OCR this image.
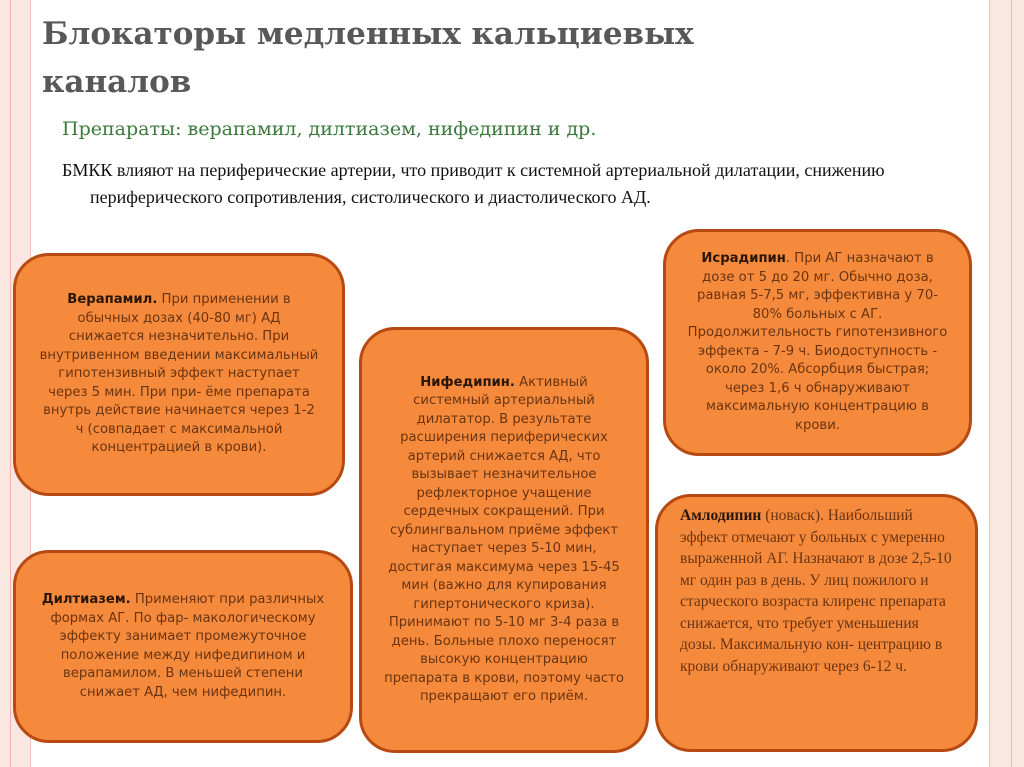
Блокаторы медленных кальциевых каналов
Препараты: верапамил, дилтиазем, нифедипин и др.
БМКК влияют на периферические артерии, что приводит к системной артериальной дилатации, снижению периферического сопротивления, систолического и диастолического АД.
Верапамил. При применении в обычных дозах (40-80 мг) АД снижается незначительно. При внутривенном введении максимальный гипотензивный эффект наступает через 5 мин. При при- ёме препарата внутрь действие начинается через 1-2 ч (совпадает с максимальной концентрацией в крови).
Дилтиазем. Применяют при различных формах АГ. По фар- макологическому эффекту занимает промежуточное положение между нифедипином и верапамилом. В меньшей степени снижает АД, чем нифедипин.
Нифедипин. Активный системный артериальный дилататор. В результате расширения периферических артерий снижается АД, что вызывает незначительное рефлекторное учащение сердечных сокращений. При сублингвальном приёме эффект наступает через 5-10 мин, достигая максимума через 15-45 мин (важно для купирования гипертонического криза). Принимают по 5-10 мг 3-4 раза в день. Больные плохо переносят высокую концентрацию препарата в крови, поэтому часто прекращают его приём.
Исрадипин. При АГ назначают в дозе от 5 до 20 мг. Обычно доза, равная 5-7,5 мг, эффективна у 70-80% больных с АГ. Продолжительность гипотензивного эффекта - 7-9 ч. Биодоступность - около 20%. Абсорбция быстрая; через 1,6 ч обнаруживают максимальную концентрацию в крови.
Амлодипин (новаск). Наибольший эффект отмечают у больных с умеренно выраженной АГ. Назначают в дозе 2,5-10 мг один раз в день. У лиц пожилого и старческого возраста клиренс препарата снижается, что требует уменьшения дозы. Максимальную кон- центрацию в крови обнаруживают через 6-12 ч.
